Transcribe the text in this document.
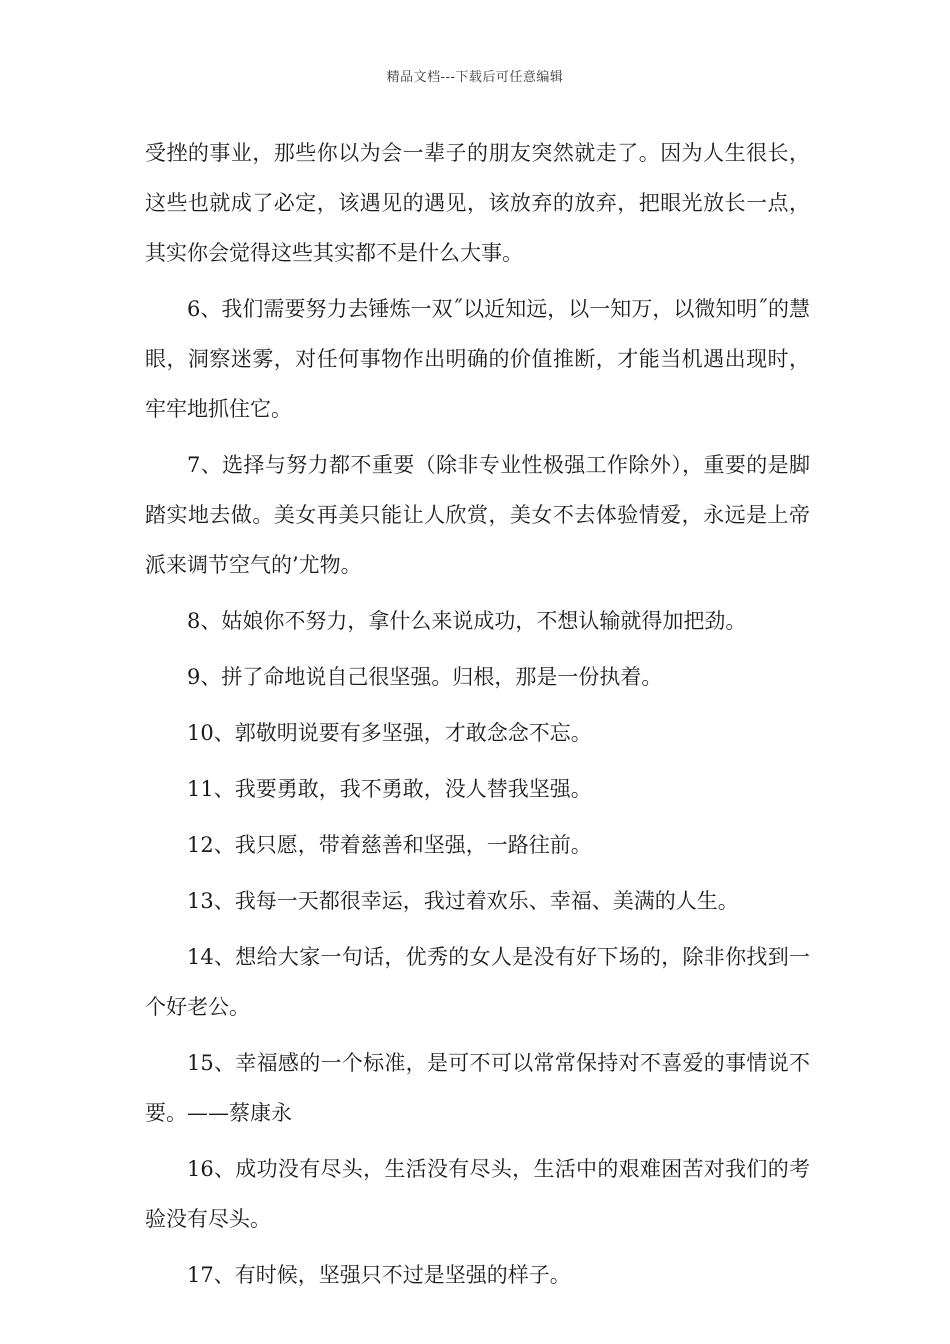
精品文档---下载后可任意编辑

受挫的事业，那些你以为会一辈子的朋友突然就走了。因为人生很长，这些也就成了必定，该遇见的遇见，该放弃的放弃，把眼光放长一点，其实你会觉得这些其实都不是什么大事。

6、我们需要努力去锤炼一双˝以近知远，以一知万，以微知明˝的慧眼，洞察迷雾，对任何事物作出明确的价值推断，才能当机遇出现时，牢牢地抓住它。

7、选择与努力都不重要（除非专业性极强工作除外），重要的是脚踏实地去做。美女再美只能让人欣赏，美女不去体验情爱，永远是上帝派来调节空气的’尤物。

8、姑娘你不努力，拿什么来说成功，不想认输就得加把劲。

9、拼了命地说自己很坚强。归根，那是一份执着。

10、郭敬明说要有多坚强，才敢念念不忘。

11、我要勇敢，我不勇敢，没人替我坚强。

12、我只愿，带着慈善和坚强，一路往前。

13、我每一天都很幸运，我过着欢乐、幸福、美满的人生。

14、想给大家一句话，优秀的女人是没有好下场的，除非你找到一个好老公。

15、幸福感的一个标准，是可不可以常常保持对不喜爱的事情说不要。——蔡康永

16、成功没有尽头，生活没有尽头，生活中的艰难困苦对我们的考验没有尽头。

17、有时候，坚强只不过是坚强的样子。
